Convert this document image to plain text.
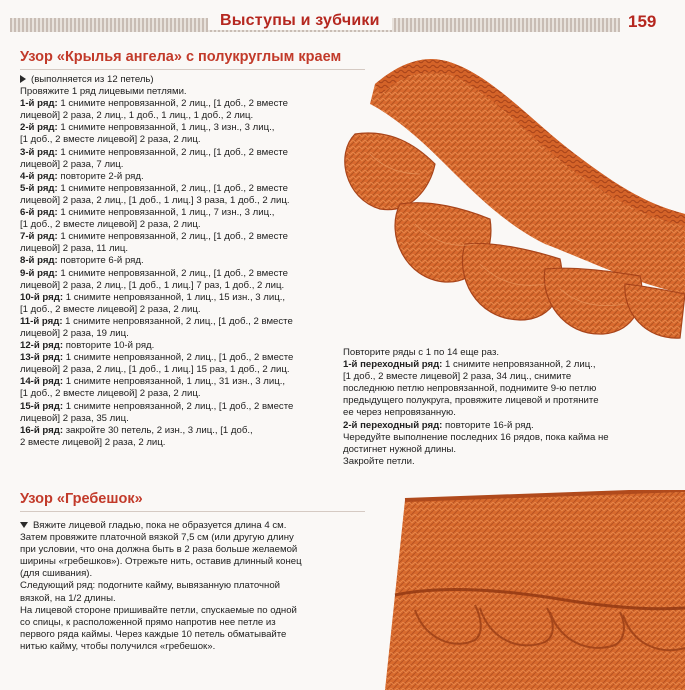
Выступы и зубчики	159
Узор «Крылья ангела» с полукруглым краем

(выполняется из 12 петель)

Провяжите 1 ряд лицевыми петлями.

1-й ряд: 1 снимите непровязанной, 2 лиц., [1 доб., 2 вместе

лицевой] 2 раза, 2 лиц., 1 доб., 1 лиц., 1 доб., 2 лиц.

2-й ряд: 1 снимите непровязанной, 1 лиц., 3 изн., 3 лиц.,

[1 доб., 2 вместе лицевой] 2 раза, 2 лиц.

3-й ряд: 1 снимите непровязанной, 2 лиц., [1 доб., 2 вместе

лицевой] 2 раза, 7 лиц.

4-й ряд: повторите 2-й ряд.

5-й ряд: 1 снимите непровязанной, 2 лиц., [1 доб., 2 вместе

лицевой] 2 раза, 2 лиц., [1 доб., 1 лиц.] 3 раза, 1 доб., 2 лиц.

6-й ряд: 1 снимите непровязанной, 1 лиц., 7 изн., 3 лиц.,

[1 доб., 2 вместе лицевой] 2 раза, 2 лиц.

7-й ряд: 1 снимите непровязанной, 2 лиц., [1 доб., 2 вместе

лицевой] 2 раза, 11 лиц.

8-й ряд: повторите 6-й ряд.

9-й ряд: 1 снимите непровязанной, 2 лиц., [1 доб., 2 вместе

лицевой] 2 раза, 2 лиц., [1 доб., 1 лиц.] 7 раз, 1 доб., 2 лиц.

10-й ряд: 1 снимите непровязанной, 1 лиц., 15 изн., 3 лиц.,

[1 доб., 2 вместе лицевой] 2 раза, 2 лиц.

11-й ряд: 1 снимите непровязанной, 2 лиц., [1 доб., 2 вместе

лицевой] 2 раза, 19 лиц.

12-й ряд: повторите 10-й ряд.

13-й ряд: 1 снимите непровязанной, 2 лиц., [1 доб., 2 вместе

лицевой] 2 раза, 2 лиц., [1 доб., 1 лиц.] 15 раз, 1 доб., 2 лиц.

14-й ряд: 1 снимите непровязанной, 1 лиц., 31 изн., 3 лиц.,

[1 доб., 2 вместе лицевой] 2 раза, 2 лиц.

15-й ряд: 1 снимите непровязанной, 2 лиц., [1 доб., 2 вместе

лицевой] 2 раза, 35 лиц.

16-й ряд: закройте 30 петель, 2 изн., 3 лиц., [1 доб.,

2 вместе лицевой] 2 раза, 2 лиц.

Повторите ряды с 1 по 14 еще раз.

1-й переходный ряд: 1 снимите непровязанной, 2 лиц.,

[1 доб., 2 вместе лицевой] 2 раза, 34 лиц., снимите

последнюю петлю непровязанной, поднимите 9-ю петлю

предыдущего полукруга, провяжите лицевой и протяните

ее через непровязанную.

2-й переходный ряд: повторите 16-й ряд.

Чередуйте выполнение последних 16 рядов, пока кайма не

достигнет нужной длины.

Закройте петли.

Узор «Гребешок»

Вяжите лицевой гладью, пока не образуется длина 4 см.

Затем провяжите платочной вязкой 7,5 см (или другую длину

при условии, что она должна быть в 2 раза больше желаемой

ширины «гребешков»). Отрежьте нить, оставив длинный конец

(для сшивания).

Следующий ряд: подогните кайму, вывязанную платочной

вязкой, на 1/2 длины.

На лицевой стороне пришивайте петли, спускаемые по одной

со спицы, к расположенной прямо напротив нее петле из

первого ряда каймы. Через каждые 10 петель обматывайте

нитью кайму, чтобы получился «гребешок».
